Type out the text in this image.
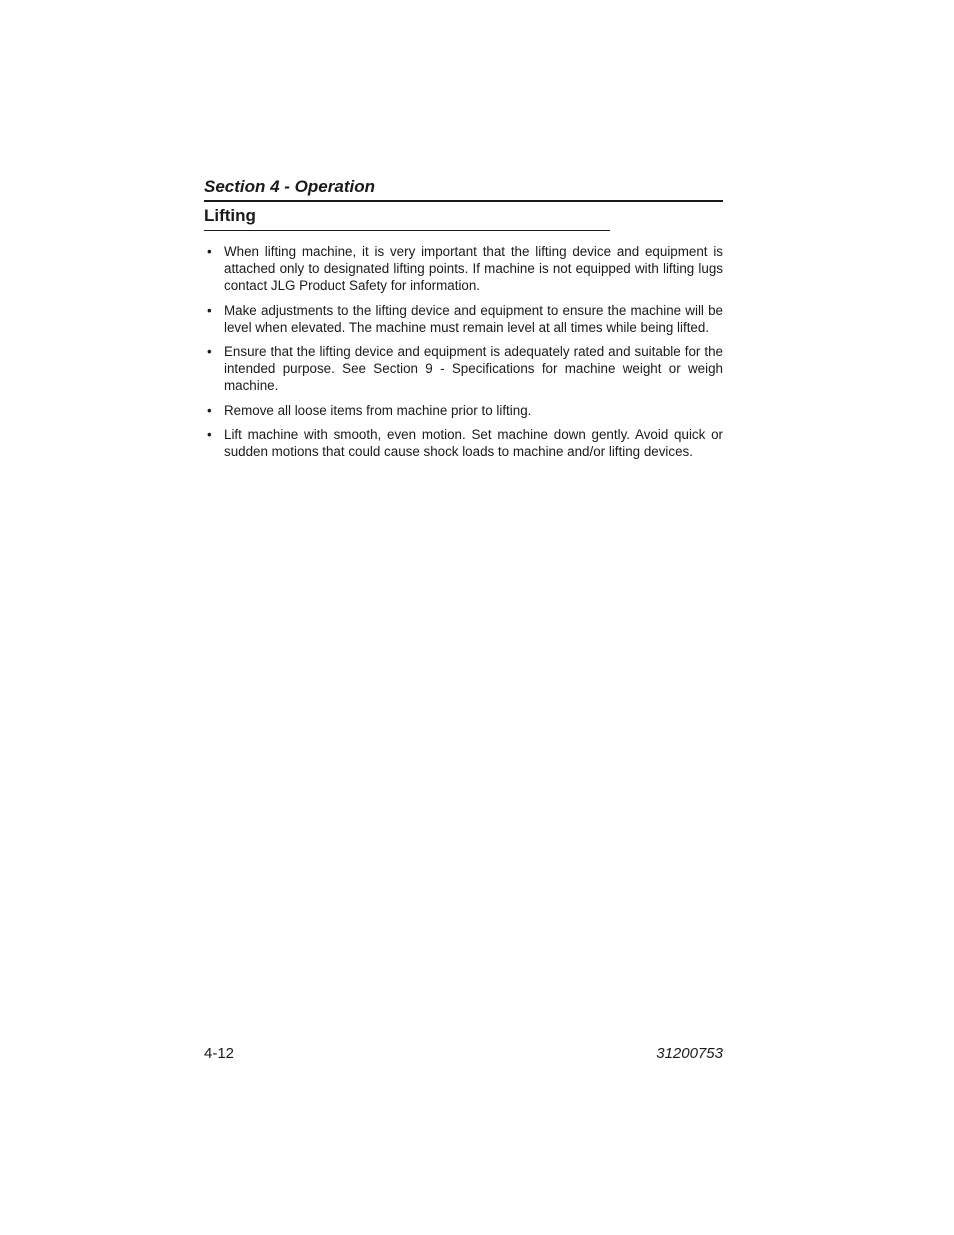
Section 4 - Operation
Lifting
• When lifting machine, it is very important that the lifting device and equipment is attached only to designated lifting points. If machine is not equipped with lifting lugs contact JLG Product Safety for information.
• Make adjustments to the lifting device and equipment to ensure the machine will be level when elevated. The machine must remain level at all times while being lifted.
• Ensure that the lifting device and equipment is adequately rated and suitable for the intended purpose. See Section 9 - Specifications for machine weight or weigh machine.
• Remove all loose items from machine prior to lifting.
• Lift machine with smooth, even motion. Set machine down gently. Avoid quick or sudden motions that could cause shock loads to machine and/or lifting devices.
4-12	31200753
